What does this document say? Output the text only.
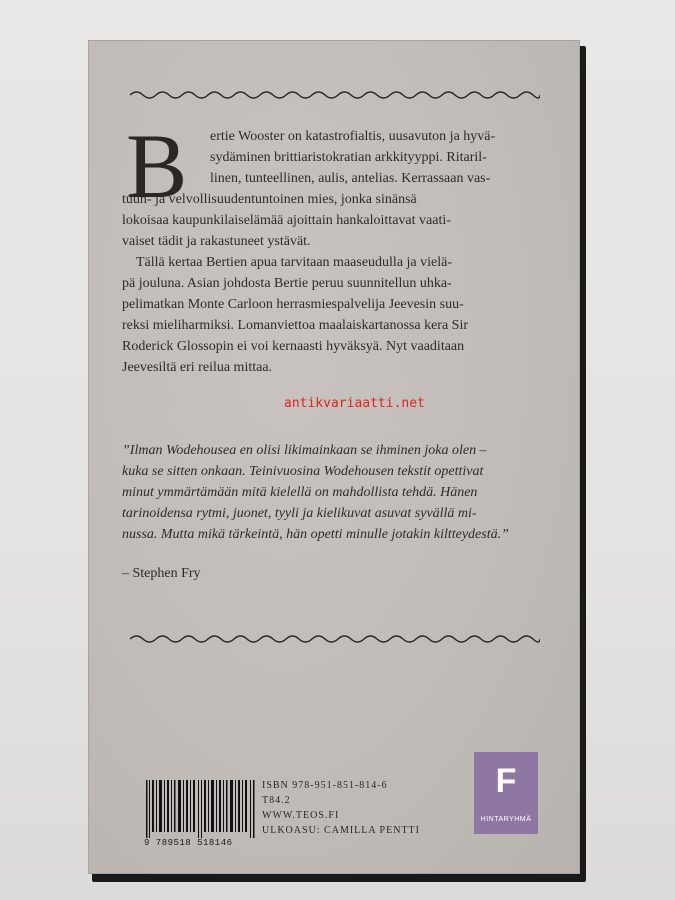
B	ertie Wooster on katastrofialtis, uusavuton ja hyvä-
sydäminen brittiaristokratian arkkityyppi. Ritaril-
linen, tunteellinen, aulis, antelias. Kerrassaan vas-
tuun- ja velvollisuudentuntoinen mies, jonka sinänsä
lokoisaa kaupunkilaiselämää ajoittain hankaloittavat vaati-
vaiset tädit ja rakastuneet ystävät.

Tällä kertaa Bertien apua tarvitaan maaseudulla ja vielä-
pä jouluna. Asian johdosta Bertie peruu suunnitellun uhka-
pelimatkan Monte Carloon herrasmiespalvelija Jeevesin suu-
reksi mieliharmiksi. Lomanviettoa maalaiskartanossa kera Sir
Roderick Glossopin ei voi kernaasti hyväksyä. Nyt vaaditaan
Jeevesiltä eri reilua mittaa.

antikvariaatti.net

”Ilman Wodehousea en olisi likimainkaan se ihminen joka olen –
kuka se sitten onkaan. Teinivuosina Wodehousen tekstit opettivat
minut ymmärtämään mitä kielellä on mahdollista tehdä. Hänen
tarinoidensa rytmi, juonet, tyyli ja kielikuvat asuvat syvällä mi-
nussa. Mutta mikä tärkeintä, hän opetti minulle jotakin kiltteydestä.”

– Stephen Fry
9 789518 518146
ISBN 978-951-851-814-6
T84.2
WWW.TEOS.FI
ULKOASU: CAMILLA PENTTI
F
HINTARYHMÄ
